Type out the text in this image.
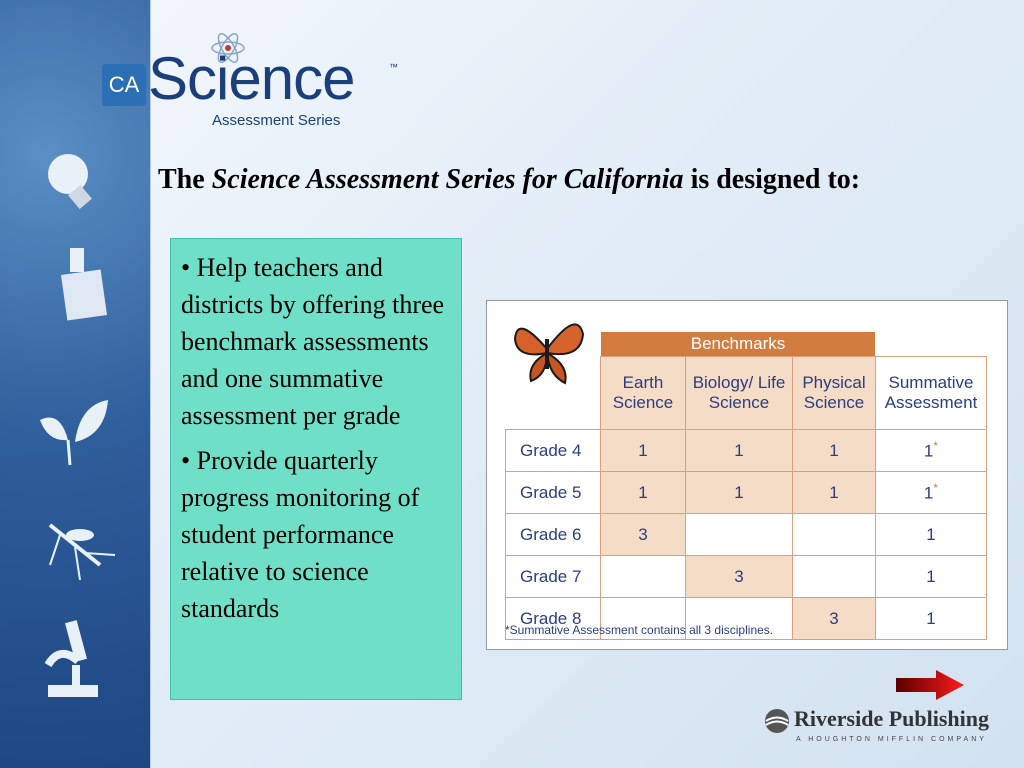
CA Science	™
Assessment Series
The Science Assessment Series for California is designed to:

• Help teachers and districts by offering three benchmark assessments and one summative assessment per grade

• Provide quarterly progress monitoring of student performance relative to science standards

Benchmarks
	Earth Science	Biology/ Life Science	Physical Science	Summative Assessment
Grade 4	1	1	1	1*
Grade 5	1	1	1	1*
Grade 6	3			1
Grade 7		3		1
Grade 8			3	1
*Summative Assessment contains all 3 disciplines.
Riverside Publishing
A HOUGHTON MIFFLIN COMPANY
